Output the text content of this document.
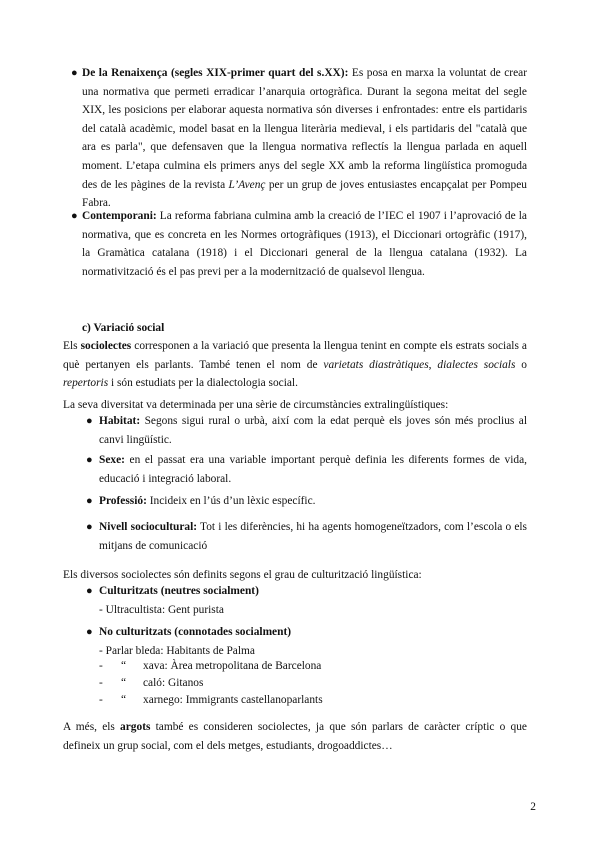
● De la Renaixença (segles XIX-primer quart del s.XX): Es posa en marxa la voluntat de crear una normativa que permeti erradicar l’anarquia ortogràfica. Durant la segona meitat del segle XIX, les posicions per elaborar aquesta normativa són diverses i enfrontades: entre els partidaris del català acadèmic, model basat en la llengua literària medieval, i els partidaris del "català que ara es parla", que defensaven que la llengua normativa reflectís la llengua parlada en aquell moment. L’etapa culmina els primers anys del segle XX amb la reforma lingüística promoguda des de les pàgines de la revista L’Avenç per un grup de joves entusiastes encapçalat per Pompeu Fabra.
● Contemporani: La reforma fabriana culmina amb la creació de l’IEC el 1907 i l’aprovació de la normativa, que es concreta en les Normes ortogràfiques (1913), el Diccionari ortogràfic (1917), la Gramàtica catalana (1918) i el Diccionari general de la llengua catalana (1932). La normativització és el pas previ per a la modernització de qualsevol llengua.
c) Variació social
Els sociolectes corresponen a la variació que presenta la llengua tenint en compte els estrats socials a què pertanyen els parlants. També tenen el nom de varietats diastràtiques, dialectes socials o repertoris i són estudiats per la dialectologia social.
La seva diversitat va determinada per una sèrie de circumstàncies extralingüístiques:
● Habitat: Segons sigui rural o urbà, així com la edat perquè els joves són més proclius al canvi lingüístic.
● Sexe: en el passat era una variable important perquè definia les diferents formes de vida, educació i integració laboral.
● Professió: Incideix en l’ús d’un lèxic específic.
● Nivell sociocultural: Tot i les diferències, hi ha agents homogeneïtzadors, com l’escola o els mitjans de comunicació
Els diversos sociolectes són definits segons el grau de culturització lingüística:
● Culturitzats (neutres socialment)
- Ultracultista: Gent purista
● No culturitzats (connotades socialment)
- Parlar bleda: Habitants de Palma
- “ xava: Àrea metropolitana de Barcelona
- “ caló: Gitanos
- “ xarnego: Immigrants castellanoparlants
A més, els argots també es consideren sociolectes, ja que són parlars de caràcter críptic o que defineix un grup social, com el dels metges, estudiants, drogoaddictes…
2
